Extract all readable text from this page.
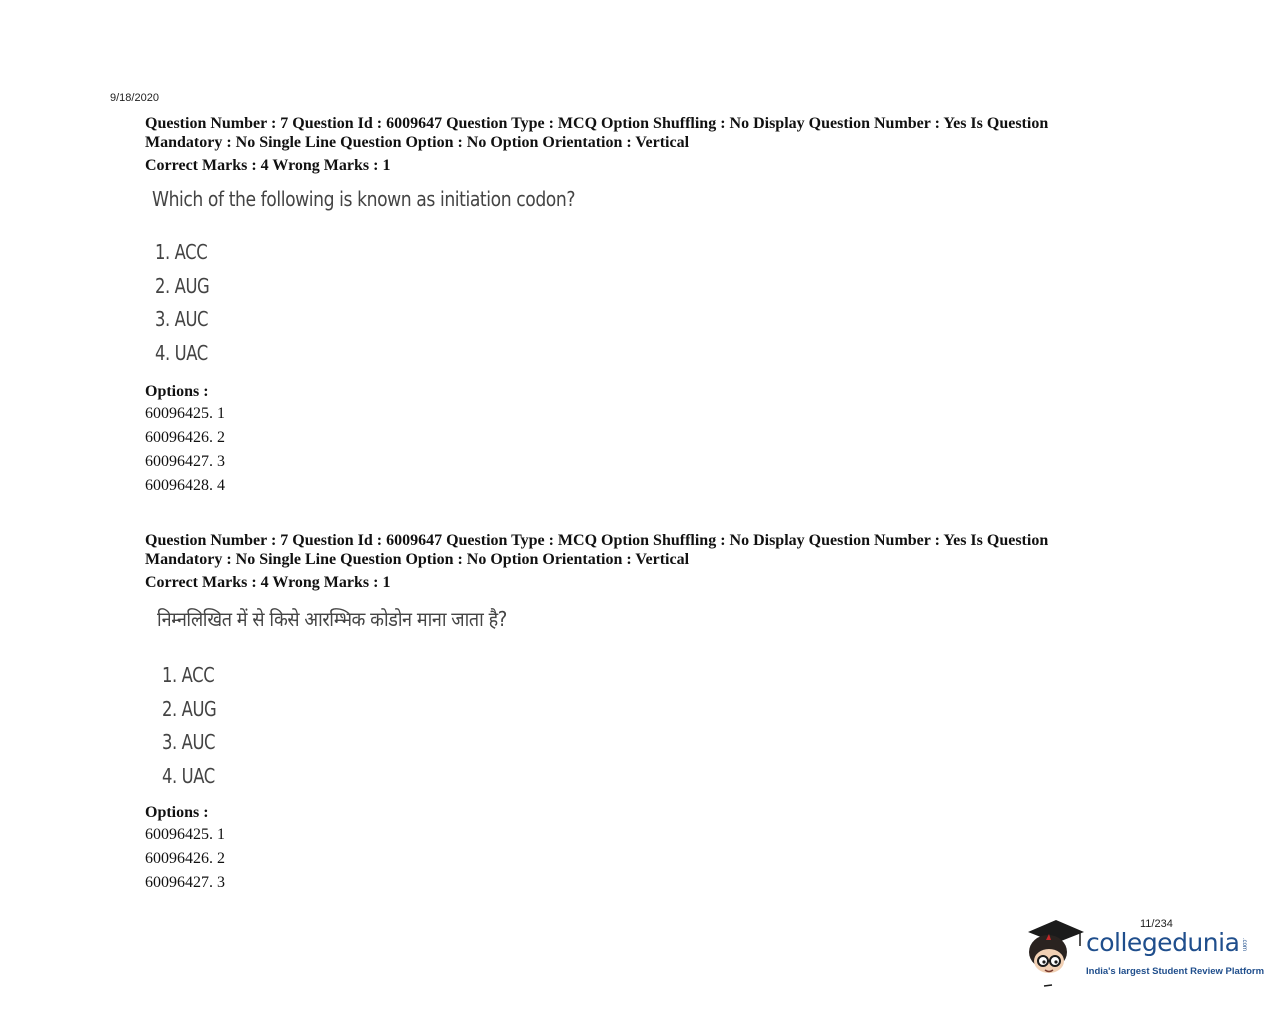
9/18/2020

Question Number : 7 Question Id : 6009647 Question Type : MCQ Option Shuffling : No Display Question Number : Yes Is Question

Mandatory : No Single Line Question Option : No Option Orientation : Vertical

Correct Marks : 4 Wrong Marks : 1
Which of the following is known as initiation codon?
1. ACC
2. AUG
3. AUC
4. UAC
Options :
60096425. 1
60096426. 2
60096427. 3
60096428. 4

Question Number : 7 Question Id : 6009647 Question Type : MCQ Option Shuffling : No Display Question Number : Yes Is Question

Mandatory : No Single Line Question Option : No Option Orientation : Vertical

Correct Marks : 4 Wrong Marks : 1
निम्नलिखित में से किसे आरम्भिक कोडोन माना जाता है?
1. ACC
2. AUG
3. AUC
4. UAC
Options :
60096425. 1
60096426. 2
60096427. 3
11/234
collegedunia .com
India's largest Student Review Platform
